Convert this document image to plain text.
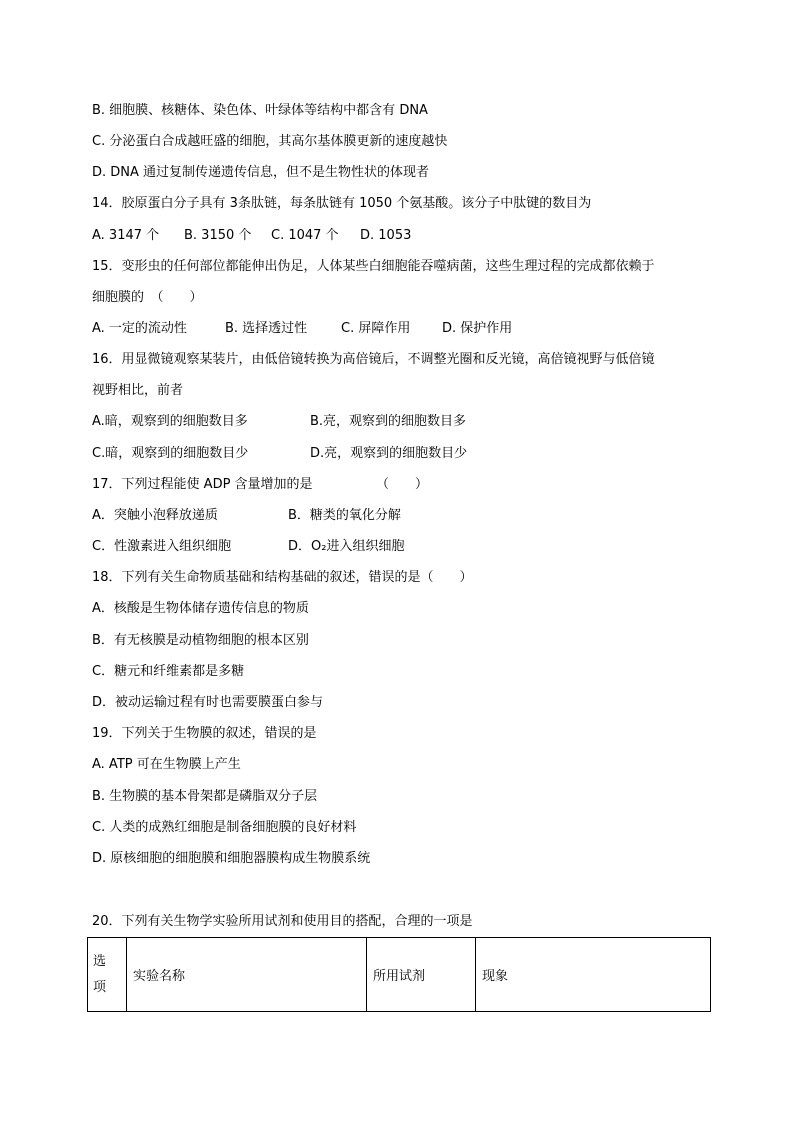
B. 细胞膜、核糖体、染色体、叶绿体等结构中都含有 DNA
C. 分泌蛋白合成越旺盛的细胞，其高尔基体膜更新的速度越快
D. DNA 通过复制传递遗传信息，但不是生物性状的体现者
14．胶原蛋白分子具有 3条肽链，每条肽链有 1050 个氨基酸。该分子中肽键的数目为
A. 3147 个	B. 3150 个	C. 1047 个	D. 1053
15．变形虫的任何部位都能伸出伪足，人体某些白细胞能吞噬病菌，这些生理过程的完成都依赖于
细胞膜的　（　　）
A. 一定的流动性	B. 选择透过性	C. 屏障作用	D. 保护作用
16．用显微镜观察某装片，由低倍镜转换为高倍镜后，不调整光圈和反光镜，高倍镜视野与低倍镜
视野相比，前者
A.暗，观察到的细胞数目多	B.亮，观察到的细胞数目多
C.暗，观察到的细胞数目少	D.亮，观察到的细胞数目少
17．下列过程能使 ADP 含量增加的是	（　　）
A．突触小泡释放递质	B．糖类的氧化分解
C．性激素进入组织细胞	D．O₂进入组织细胞
18．下列有关生命物质基础和结构基础的叙述，错误的是（　　）
A．核酸是生物体储存遗传信息的物质
B．有无核膜是动植物细胞的根本区别
C．糖元和纤维素都是多糖
D．被动运输过程有时也需要膜蛋白参与
19．下列关于生物膜的叙述，错误的是
A. ATP 可在生物膜上产生
B. 生物膜的基本骨架都是磷脂双分子层
C. 人类的成熟红细胞是制备细胞膜的良好材料
D. 原核细胞的细胞膜和细胞器膜构成生物膜系统
20．下列有关生物学实验所用试剂和使用目的搭配，合理的一项是
选项	实验名称	所用试剂	现象
